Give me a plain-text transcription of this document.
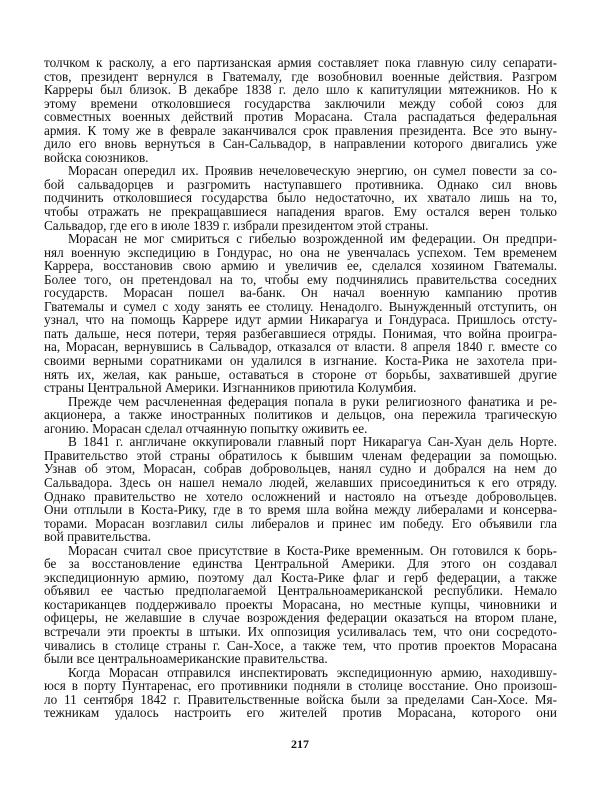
толчком к расколу, а его партизанская армия составляет пока главную силу сепарати-
стов, президент вернулся в Гватемалу, где возобновил военные действия. Разгром
Карреры был близок. В декабре 1838 г. дело шло к капитуляции мятежников. Но к
этому времени отколовшиеся государства заключили между собой союз для
совместных военных действий против Морасана. Стала распадаться федеральная
армия. К тому же в феврале заканчивался срок правления президента. Все это выну-
дило его вновь вернуться в Сан-Сальвадор, в направлении которого двигались уже
войска союзников.
Морасан опередил их. Проявив нечеловеческую энергию, он сумел повести за со-
бой сальвадорцев и разгромить наступавшего противника. Однако сил вновь
подчинить отколовшиеся государства было недостаточно, их хватало лишь на то,
чтобы отражать не прекращавшиеся нападения врагов. Ему остался верен только
Сальвадор, где его в июле 1839 г. избрали президентом этой страны.
Морасан не мог смириться с гибелью возрожденной им федерации. Он предпри-
нял военную экспедицию в Гондурас, но она не увенчалась успехом. Тем временем
Каррера, восстановив свою армию и увеличив ее, сделался хозяином Гватемалы.
Более того, он претендовал на то, чтобы ему подчинялись правительства соседних
государств. Морасан пошел ва-банк. Он начал военную кампанию против
Гватемалы и сумел с ходу занять ее столицу. Ненадолго. Вынужденный отступить, он
узнал, что на помощь Каррере идут армии Никарагуа и Гондураса. Пришлось отсту-
пать дальше, неся потери, теряя разбегавшиеся отряды. Понимая, что война проигра-
на, Морасан, вернувшись в Сальвадор, отказался от власти. 8 апреля 1840 г. вместе со
своими верными соратниками он удалился в изгнание. Коста-Рика не захотела при-
нять их, желая, как раньше, оставаться в стороне от борьбы, захватившей другие
страны Центральной Америки. Изгнанников приютила Колумбия.
Прежде чем расчлененная федерация попала в руки религиозного фанатика и ре-
акционера, а также иностранных политиков и дельцов, она пережила трагическую
агонию. Морасан сделал отчаянную попытку оживить ее.
В 1841 г. англичане оккупировали главный порт Никарагуа Сан-Хуан дель Норте.
Правительство этой страны обратилось к бывшим членам федерации за помощью.
Узнав об этом, Морасан, собрав добровольцев, нанял судно и добрался на нем до
Сальвадора. Здесь он нашел немало людей, желавших присоединиться к его отряду.
Однако правительство не хотело осложнений и настояло на отъезде добровольцев.
Они отплыли в Коста-Рику, где в то время шла война между либералами и консерва-
торами. Морасан возглавил силы либералов и принес им победу. Его объявили гла
вой правительства.
Морасан считал свое присутствие в Коста-Рике временным. Он готовился к борь-
бе за восстановление единства Центральной Америки. Для этого он создавал
экспедиционную армию, поэтому дал Коста-Рике флаг и герб федерации, а также
объявил ее частью предполагаемой Центральноамериканской республики. Немало
костариканцев поддерживало проекты Морасана, но местные купцы, чиновники и
офицеры, не желавшие в случае возрождения федерации оказаться на втором плане,
встречали эти проекты в штыки. Их оппозиция усиливалась тем, что они сосредото-
чивались в столице страны г. Сан-Хосе, а также тем, что против проектов Морасана
были все центральноамериканские правительства.
Когда Морасан отправился инспектировать экспедиционную армию, находившу-
юся в порту Пунтаренас, его противники подняли в столице восстание. Оно произош-
ло 11 сентября 1842 г. Правительственные войска были за пределами Сан-Хосе. Мя-
тежникам удалось настроить его жителей против Морасана, которого они
217
